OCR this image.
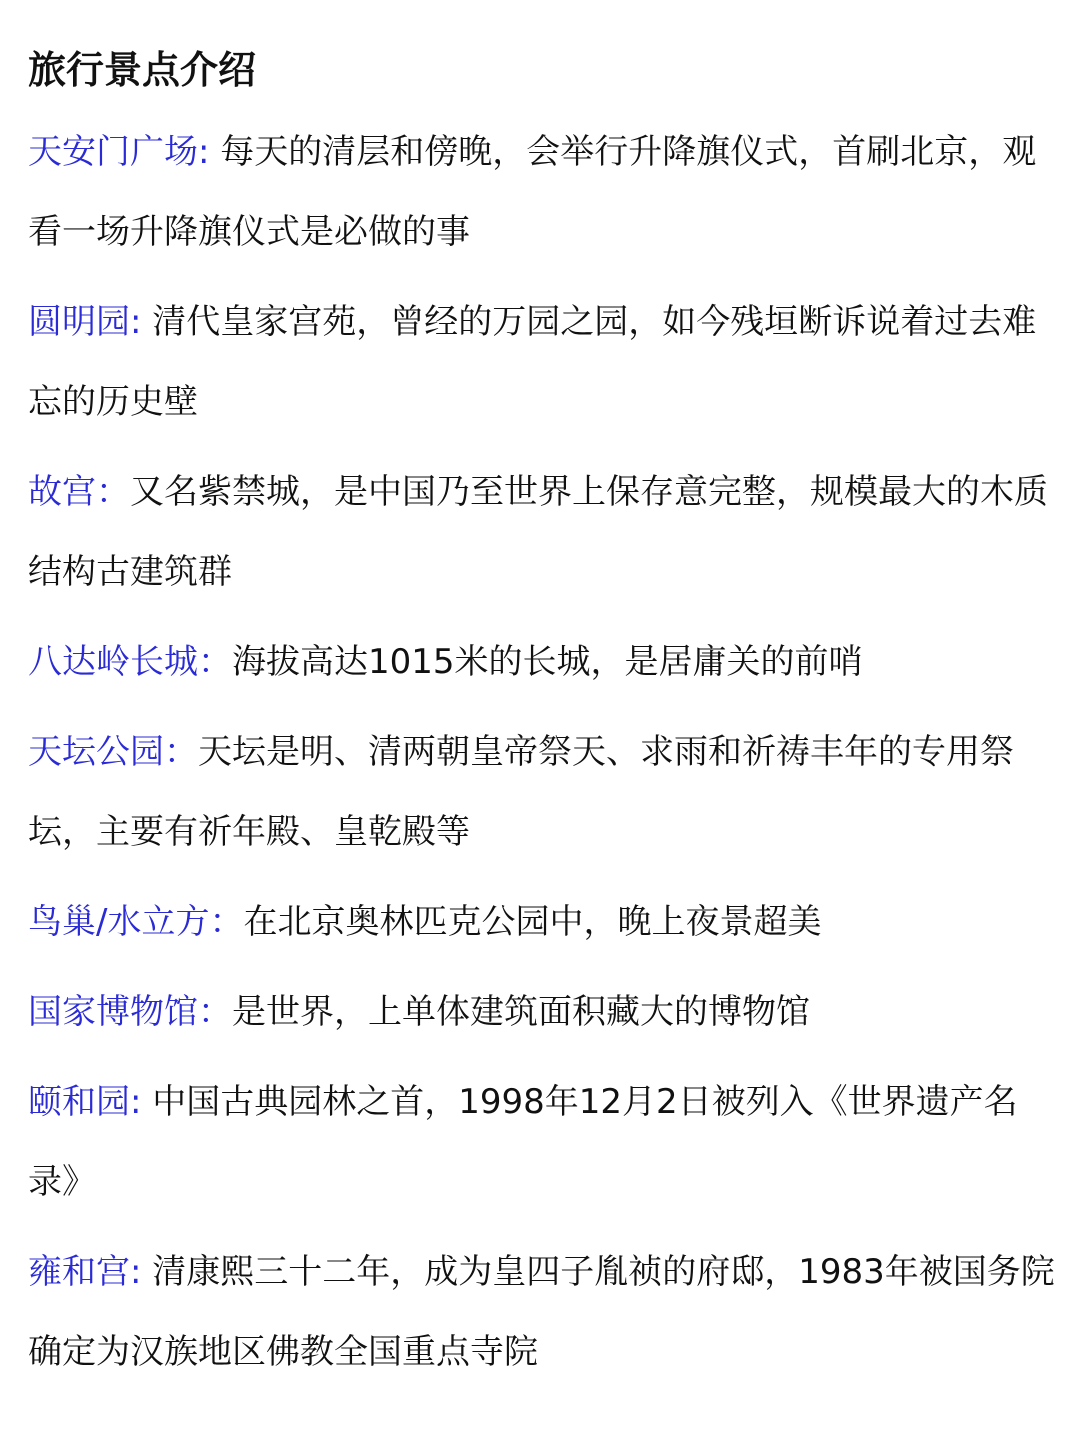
旅行景点介绍
天安门广场: 每天的清层和傍晚，会举行升降旗仪式，首刷北京，观看一场升降旗仪式是必做的事
圆明园: 清代皇家宫苑，曾经的万园之园，如今残垣断诉说着过去难忘的历史壁
故宫：又名紫禁城，是中国乃至世界上保存意完整，规模最大的木质结构古建筑群
八达岭长城：海拔高达1015米的长城，是居庸关的前哨
天坛公园：天坛是明、清两朝皇帝祭天、求雨和祈祷丰年的专用祭坛，主要有祈年殿、皇乾殿等
鸟巢/水立方：在北京奥林匹克公园中，晚上夜景超美
国家博物馆：是世界，上单体建筑面积藏大的博物馆
颐和园: 中国古典园林之首，1998年12月2日被列入《世界遗产名录》
雍和宫: 清康熙三十二年，成为皇四子胤祯的府邸，1983年被国务院确定为汉族地区佛教全国重点寺院
